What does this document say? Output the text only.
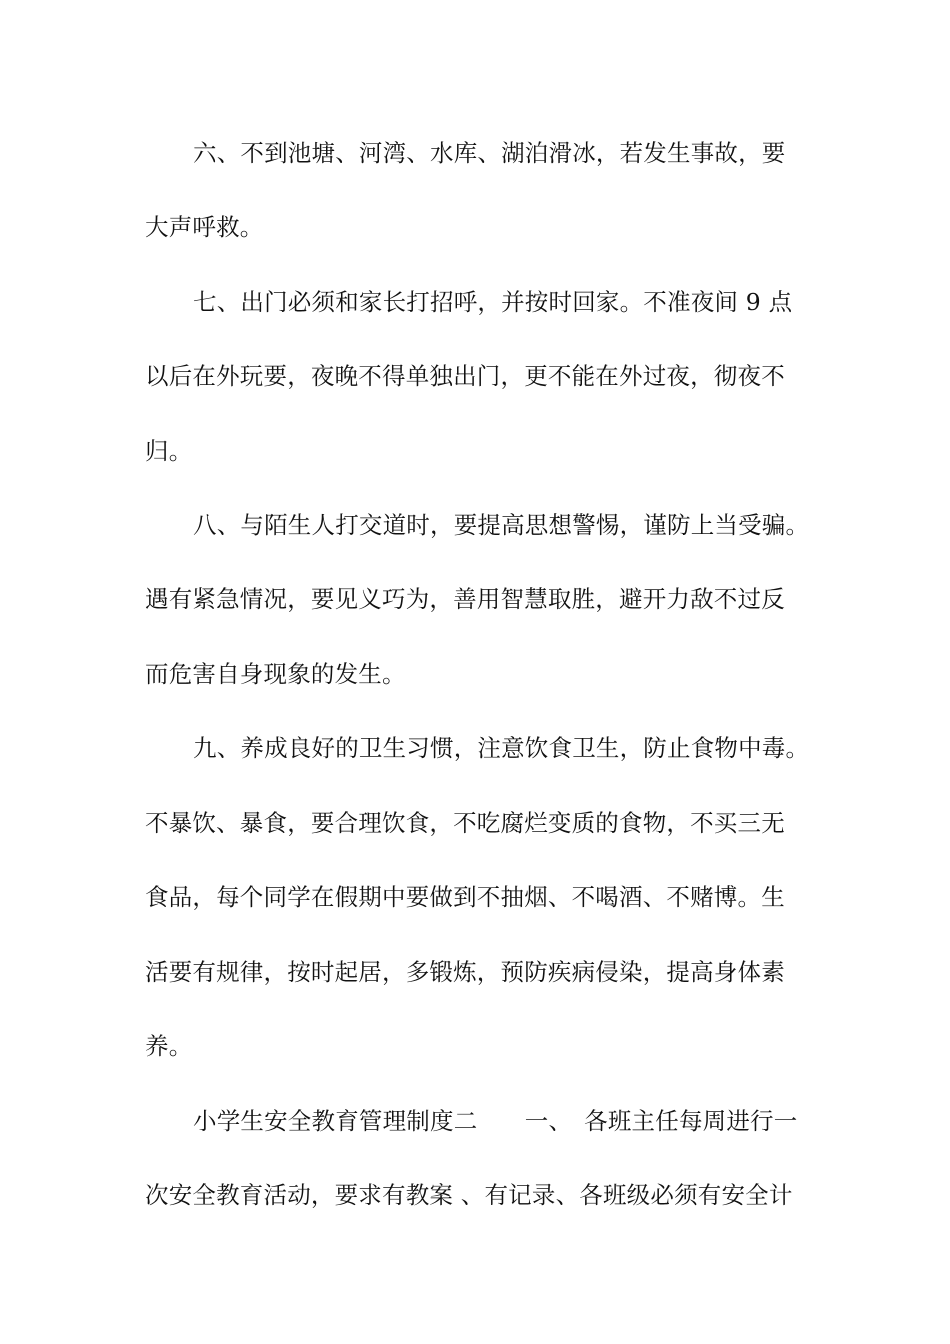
六、不到池塘、河湾、水库、湖泊滑冰，若发生事故，要
大声呼救。
七、出门必须和家长打招呼，并按时回家。不准夜间 9 点
以后在外玩要，夜晚不得单独出门，更不能在外过夜，彻夜不
归。
八、与陌生人打交道时，要提高思想警惕，谨防上当受骗。
遇有紧急情况，要见义巧为，善用智慧取胜，避开力敌不过反
而危害自身现象的发生。
九、养成良好的卫生习惯，注意饮食卫生，防止食物中毒。
不暴饮、暴食，要合理饮食，不吃腐烂变质的食物，不买三无
食品，每个同学在假期中要做到不抽烟、不喝酒、不赌博。生
活要有规律，按时起居，多锻炼，预防疾病侵染，提高身体素
养。
小学生安全教育管理制度二　　一、　各班主任每周进行一
次安全教育活动，要求有教案 、有记录、各班级必须有安全计
